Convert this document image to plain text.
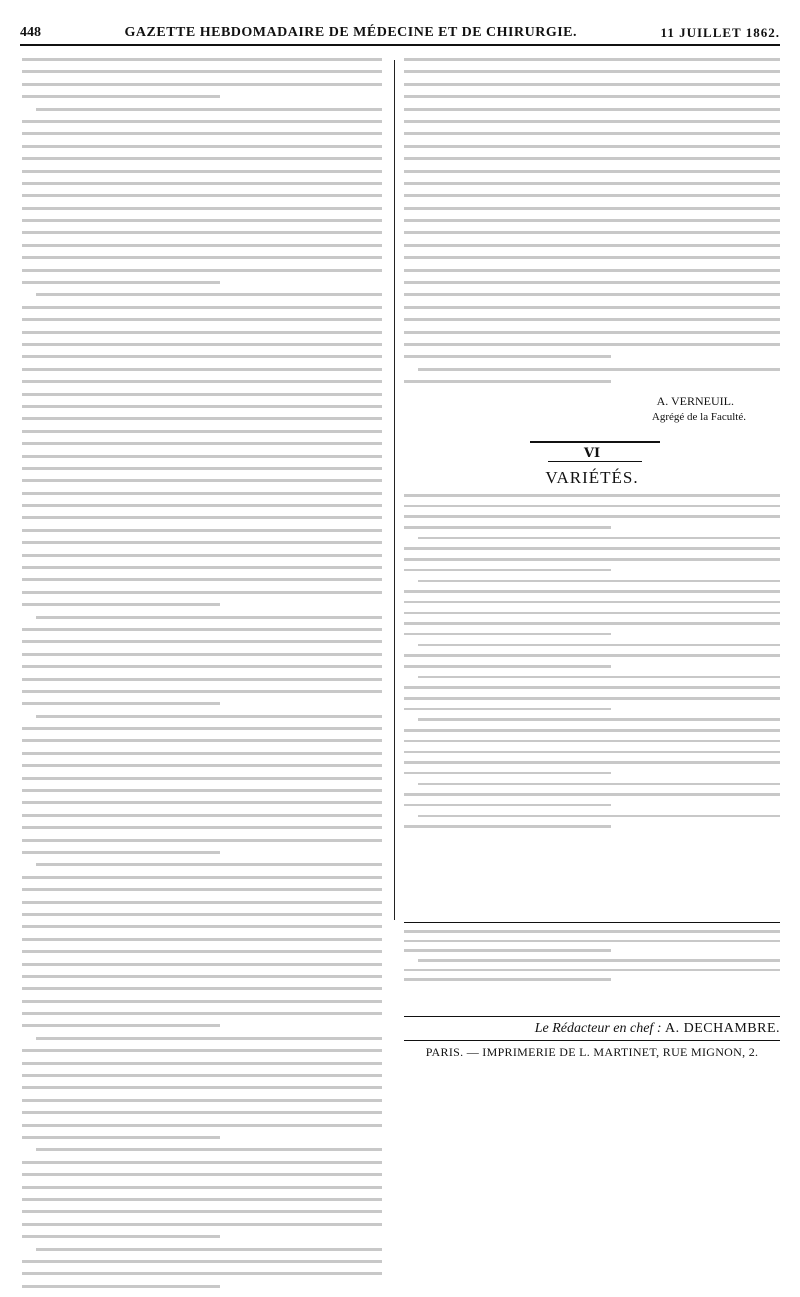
448	GAZETTE HEBDOMADAIRE DE MÉDECINE ET DE CHIRURGIE.	11 JUILLET 1862.
A. VERNEUIL.
Agrégé de la Faculté.
VI
VARIÉTÉS.
Le Rédacteur en chef : A. DECHAMBRE.
PARIS. — IMPRIMERIE DE L. MARTINET, RUE MIGNON, 2.
